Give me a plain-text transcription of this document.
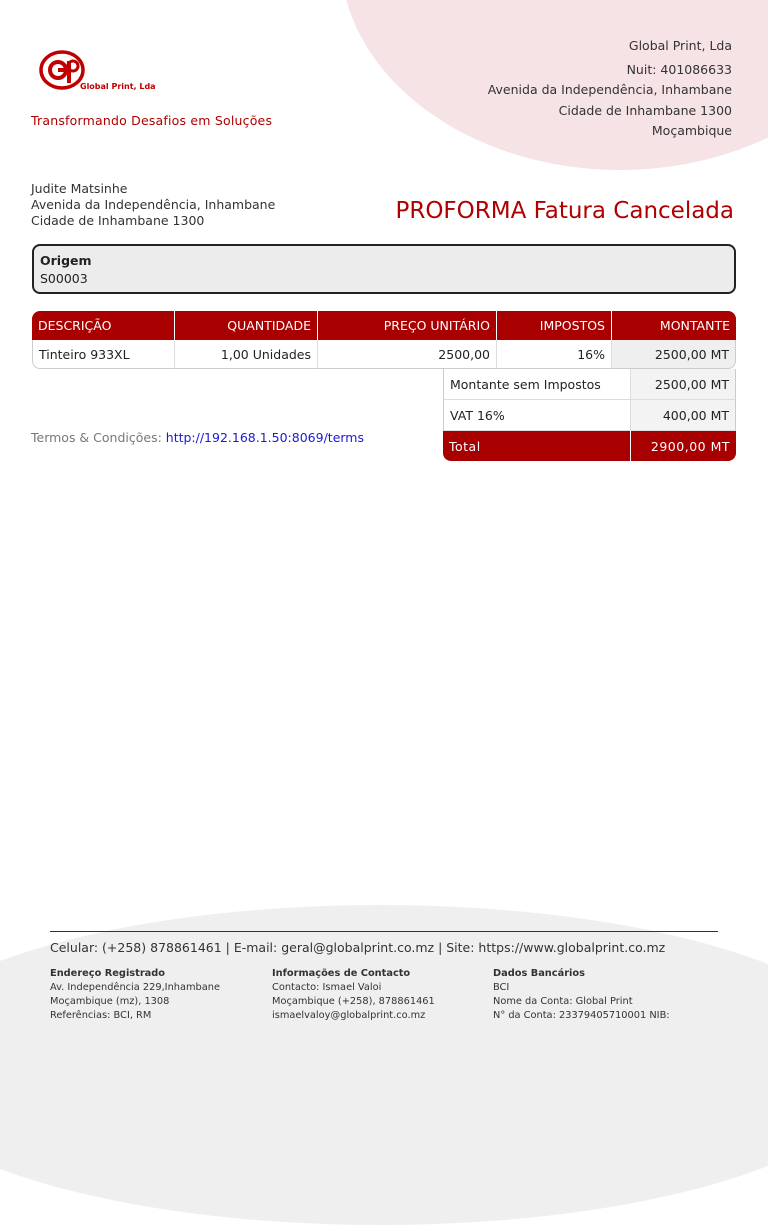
Global Print, Lda
Transformando Desafios em Soluções
Global Print, Lda
Nuit: 401086633
Avenida da Independência, Inhambane
Cidade de Inhambane 1300
Moçambique
Judite Matsinhe
Avenida da Independência, Inhambane
Cidade de Inhambane 1300	PROFORMA Fatura Cancelada
Origem
S00003
DESCRIÇÃO	QUANTIDADE	PREÇO UNITÁRIO	IMPOSTOS	MONTANTE
Tinteiro 933XL	1,00 Unidades	2500,00	16%	2500,00 MT
Montante sem Impostos	2500,00 MT
VAT 16%	400,00 MT
Total	2900,00 MT
Termos & Condições: http://192.168.1.50:8069/terms
Celular: (+258) 878861461 | E-mail: geral@globalprint.co.mz | Site: https://www.globalprint.co.mz
Endereço Registrado
Av. Independência 229,Inhambane
Moçambique (mz), 1308
Referências: BCI, RM
Informações de Contacto
Contacto: Ismael Valoi
Moçambique (+258), 878861461
ismaelvaloy@globalprint.co.mz
Dados Bancários
BCI
Nome da Conta: Global Print
N° da Conta: 23379405710001 NIB:
